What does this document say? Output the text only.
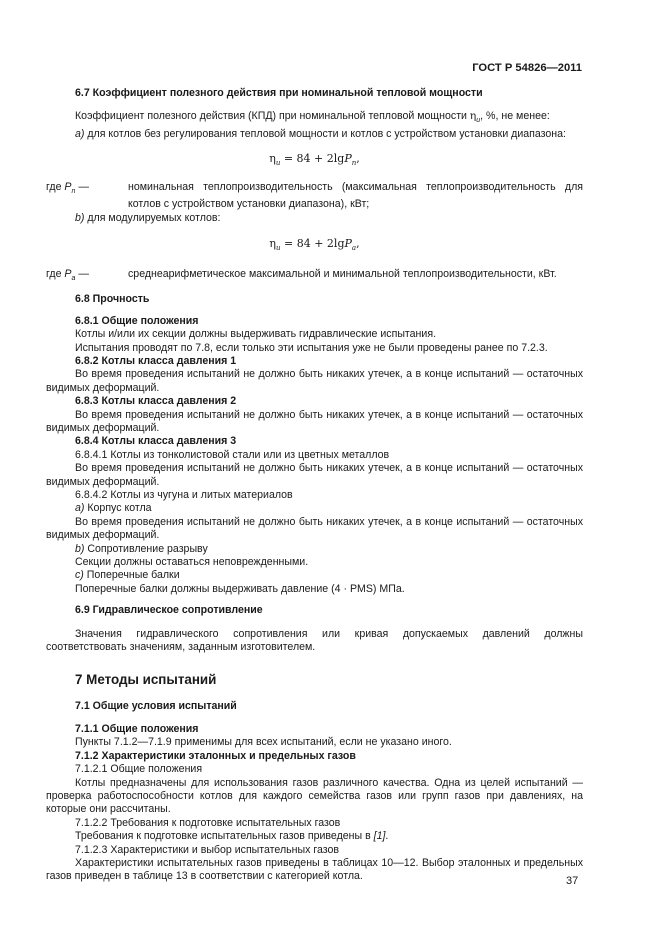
ГОСТ Р 54826—2011

6.7 Коэффициент полезного действия при номинальной тепловой мощности

Коэффициент полезного действия (КПД) при номинальной тепловой мощности $\eta_u$, %, не менее:

а) для котлов без регулирования тепловой мощности и котлов с устройством установки диапазона:

$\eta_u = 84 + 2\lg P_n$,

где $P_n$ —	номинальная теплопроизводительность (максимальная теплопроизводительность для котлов с устройством установки диапазона), кВт;

b) для модулируемых котлов:

$\eta_u = 84 + 2\lg P_a$,

где $P_a$ —	среднеарифметическое максимальной и минимальной теплопроизводительности, кВт.

6.8 Прочность

6.8.1 Общие положения

Котлы и/или их секции должны выдерживать гидравлические испытания.

Испытания проводят по 7.8, если только эти испытания уже не были проведены ранее по 7.2.3.

6.8.2 Котлы класса давления 1

Во время проведения испытаний не должно быть никаких утечек, а в конце испытаний — остаточных видимых деформаций.

6.8.3 Котлы класса давления 2

Во время проведения испытаний не должно быть никаких утечек, а в конце испытаний — остаточных видимых деформаций.

6.8.4 Котлы класса давления 3

6.8.4.1 Котлы из тонколистовой стали или из цветных металлов

Во время проведения испытаний не должно быть никаких утечек, а в конце испытаний — остаточных видимых деформаций.

6.8.4.2 Котлы из чугуна и литых материалов

а) Корпус котла

Во время проведения испытаний не должно быть никаких утечек, а в конце испытаний — остаточных видимых деформаций.

b) Сопротивление разрыву

Секции должны оставаться неповрежденными.

с) Поперечные балки

Поперечные балки должны выдерживать давление (4 · PMS) МПа.

6.9 Гидравлическое сопротивление

Значения гидравлического сопротивления или кривая допускаемых давлений должны соответствовать значениям, заданным изготовителем.

7 Методы испытаний

7.1 Общие условия испытаний

7.1.1 Общие положения

Пункты 7.1.2—7.1.9 применимы для всех испытаний, если не указано иного.

7.1.2 Характеристики эталонных и предельных газов

7.1.2.1 Общие положения

Котлы предназначены для использования газов различного качества. Одна из целей испытаний — проверка работоспособности котлов для каждого семейства газов или групп газов при давлениях, на которые они рассчитаны.

7.1.2.2 Требования к подготовке испытательных газов

Требования к подготовке испытательных газов приведены в [1].

7.1.2.3 Характеристики и выбор испытательных газов

Характеристики испытательных газов приведены в таблицах 10—12. Выбор эталонных и предельных газов приведен в таблице 13 в соответствии с категорией котла.	37
